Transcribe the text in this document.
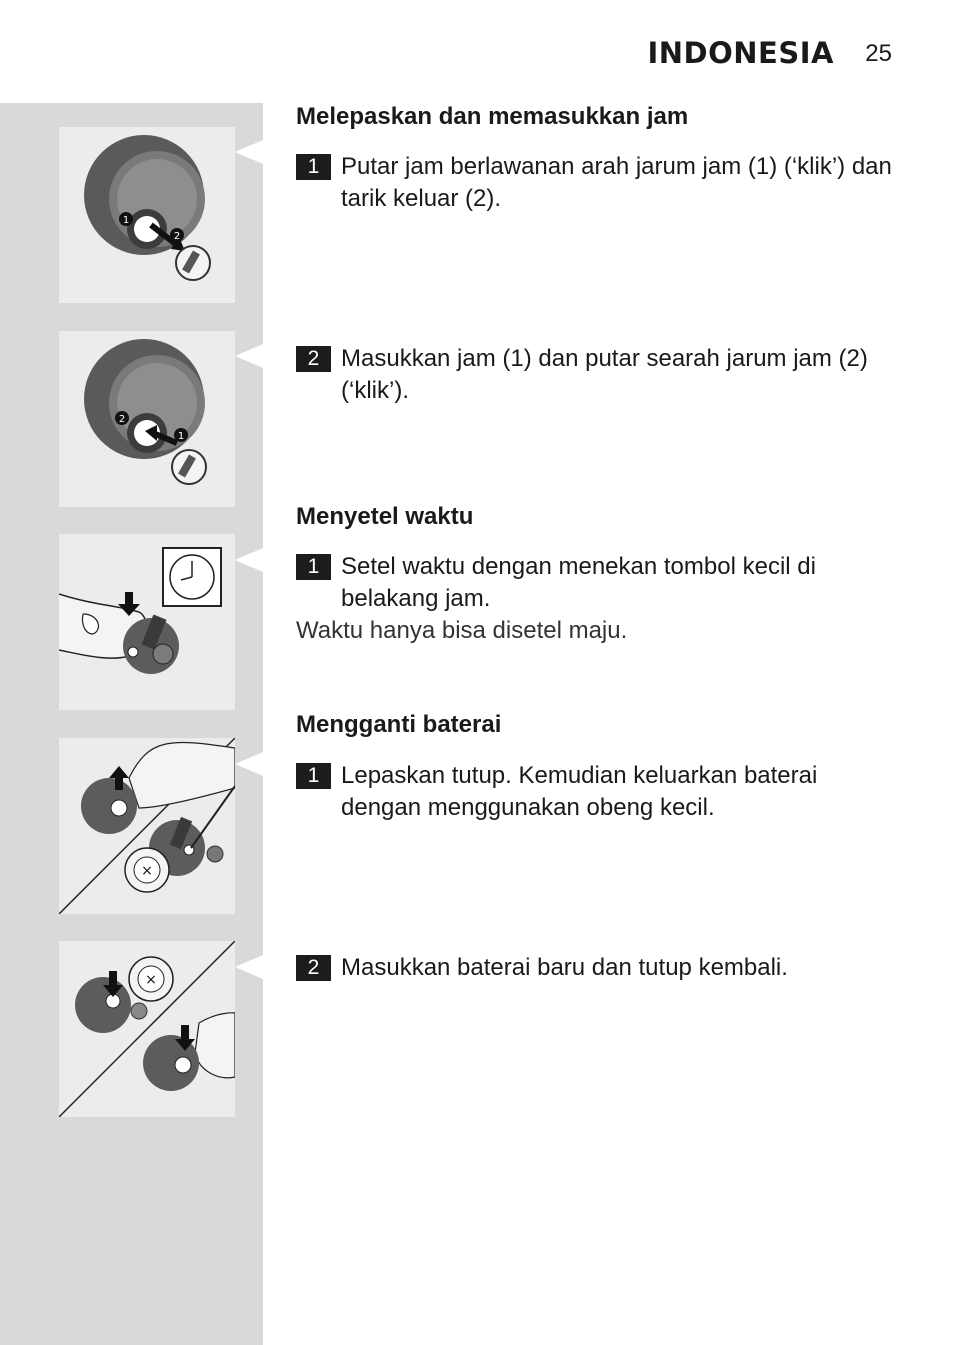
INDONESIA 25
1
2
2
1
×
×
Melepaskan dan memasukkan jam
1 Putar jam berlawanan arah jarum jam (1) (‘klik’) dan tarik keluar (2).
2 Masukkan jam (1) dan putar searah jarum jam (2) (‘klik’).
Menyetel waktu
1 Setel waktu dengan menekan tombol kecil di belakang jam.
Waktu hanya bisa disetel maju.
Mengganti baterai
1 Lepaskan tutup. Kemudian keluarkan baterai dengan menggunakan obeng kecil.
2 Masukkan baterai baru dan tutup kembali.
